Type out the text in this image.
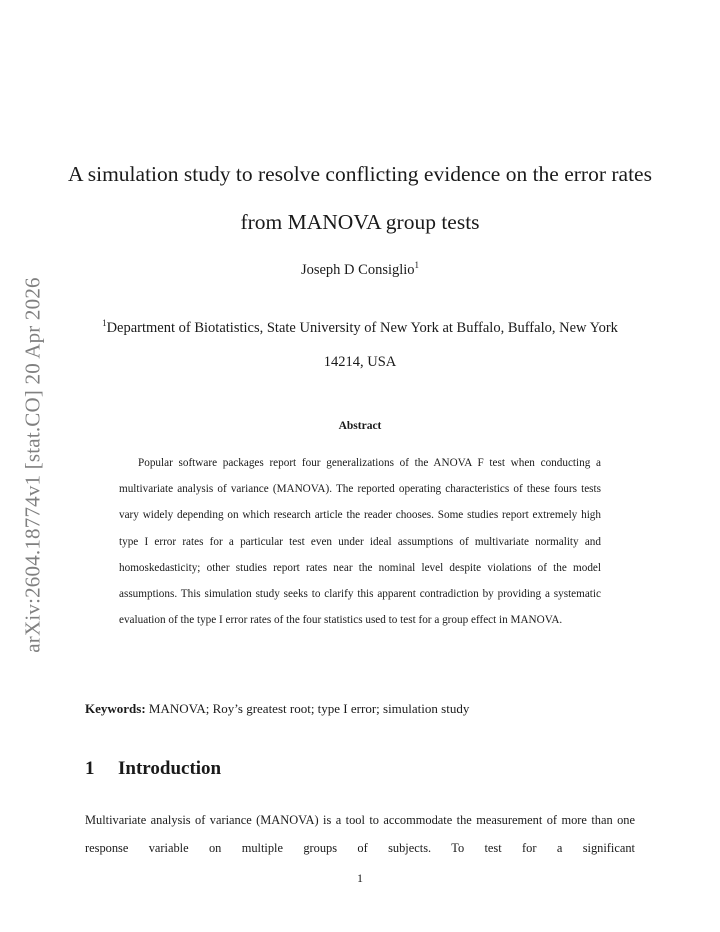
arXiv:2604.18774v1 [stat.CO] 20 Apr 2026
A simulation study to resolve conflicting evidence on the error rates from MANOVA group tests
Joseph D Consiglio$^1$
$^1$Department of Biotatistics, State University of New York at Buffalo, Buffalo, New York 14214, USA
Abstract
Popular software packages report four generalizations of the ANOVA F test when conducting a multivariate analysis of variance (MANOVA). The reported operating characteristics of these fours tests vary widely depending on which research article the reader chooses. Some studies report extremely high type I error rates for a particular test even under ideal assumptions of multivariate normality and homoskedasticity; other studies report rates near the nominal level despite violations of the model assumptions. This simulation study seeks to clarify this apparent contradiction by providing a systematic evaluation of the type I error rates of the four statistics used to test for a group effect in MANOVA.
Keywords: MANOVA; Roy’s greatest root; type I error; simulation study
1 Introduction
Multivariate analysis of variance (MANOVA) is a tool to accommodate the measurement of more than one response variable on multiple groups of subjects. To test for a significant
1
